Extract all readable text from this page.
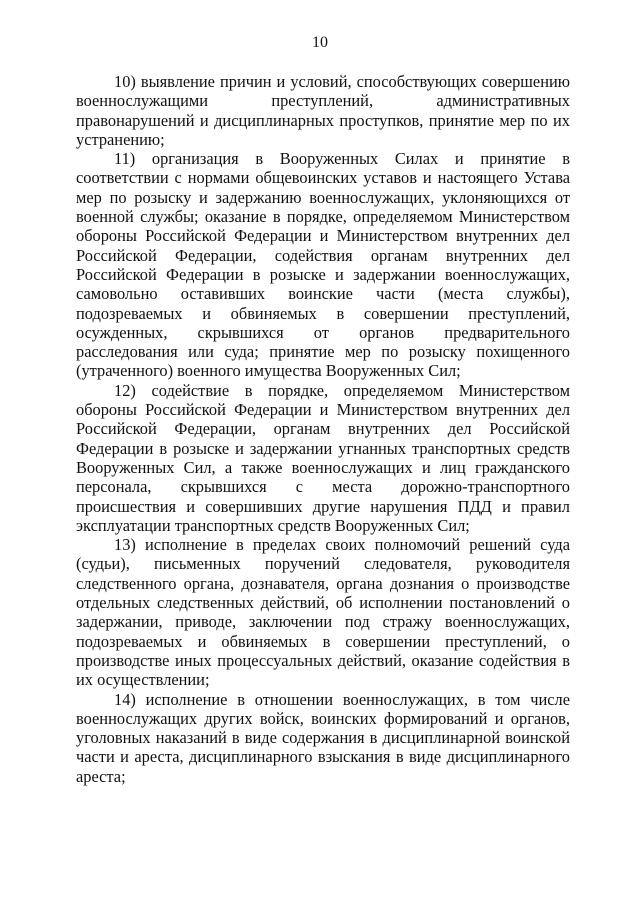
10

10) выявление причин и условий, способствующих совершению военнослужащими преступлений, административных правонарушений и дисциплинарных проступков, принятие мер по их устранению;

11) организация в Вооруженных Силах и принятие в соответствии с нормами общевоинских уставов и настоящего Устава мер по розыску и задержанию военнослужащих, уклоняющихся от военной службы; оказание в порядке, определяемом Министерством обороны Российской Федерации и Министерством внутренних дел Российской Федерации, содействия органам внутренних дел Российской Федерации в розыске и задержании военнослужащих, самовольно оставивших воинские части (места службы), подозреваемых и обвиняемых в совершении преступлений, осужденных, скрывшихся от органов предварительного расследования или суда; принятие мер по розыску похищенного (утраченного) военного имущества Вооруженных Сил;

12) содействие в порядке, определяемом Министерством обороны Российской Федерации и Министерством внутренних дел Российской Федерации, органам внутренних дел Российской Федерации в розыске и задержании угнанных транспортных средств Вооруженных Сил, а также военнослужащих и лиц гражданского персонала, скрывшихся с места дорожно-транспортного происшествия и совершивших другие нарушения ПДД и правил эксплуатации транспортных средств Вооруженных Сил;

13) исполнение в пределах своих полномочий решений суда (судьи), письменных поручений следователя, руководителя следственного органа, дознавателя, органа дознания о производстве отдельных следственных действий, об исполнении постановлений о задержании, приводе, заключении под стражу военнослужащих, подозреваемых и обвиняемых в совершении преступлений, о производстве иных процессуальных действий, оказание содействия в их осуществлении;

14) исполнение в отношении военнослужащих, в том числе военнослужащих других войск, воинских формирований и органов, уголовных наказаний в виде содержания в дисциплинарной воинской части и ареста, дисциплинарного взыскания в виде дисциплинарного ареста;
